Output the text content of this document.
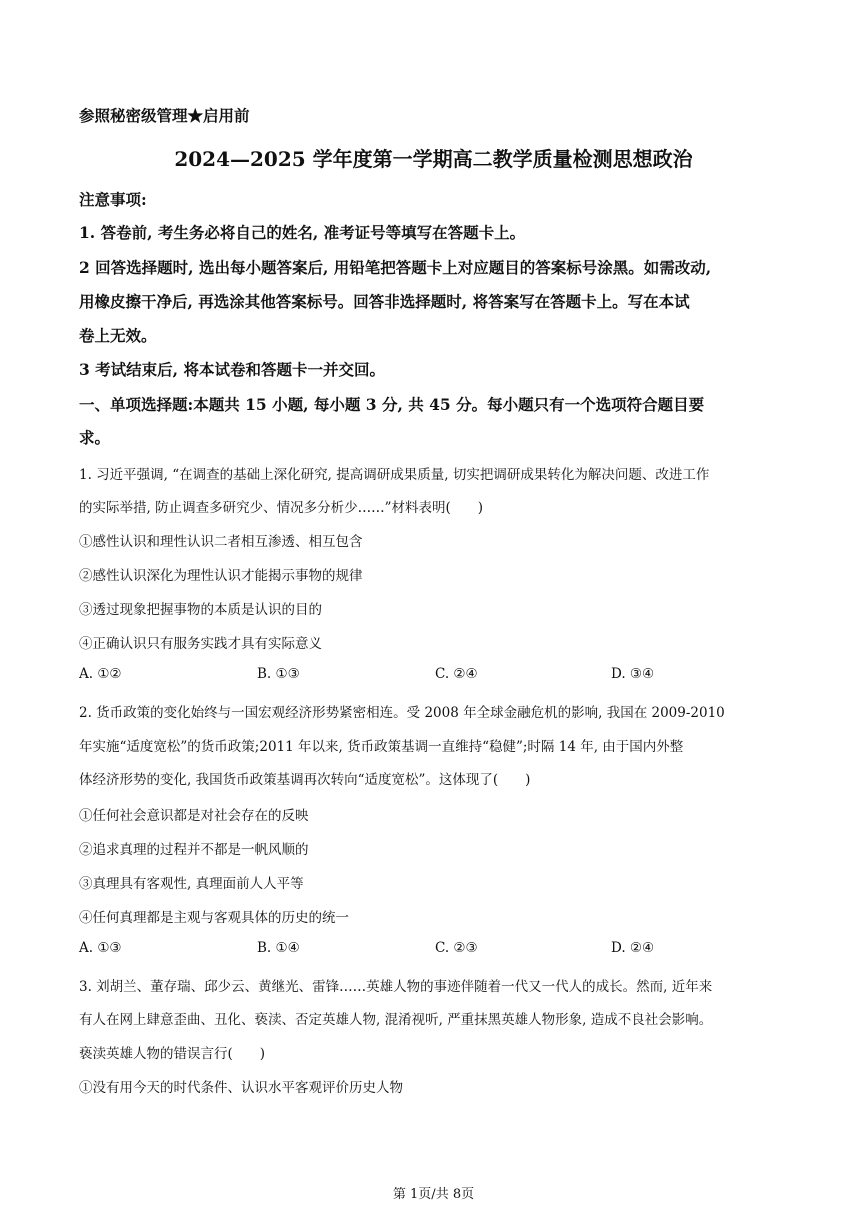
参照秘密级管理★启用前
2024—2025 学年度第一学期高二教学质量检测思想政治
注意事项:
1. 答卷前, 考生务必将自己的姓名, 准考证号等填写在答题卡上。
2 回答选择题时, 选出每小题答案后, 用铅笔把答题卡上对应题目的答案标号涂黑。如需改动,
用橡皮擦干净后, 再选涂其他答案标号。回答非选择题时, 将答案写在答题卡上。写在本试
卷上无效。
3 考试结束后, 将本试卷和答题卡一并交回。
一、单项选择题:本题共 15 小题, 每小题 3 分, 共 45 分。每小题只有一个选项符合题目要
求。
1. 习近平强调, “在调查的基础上深化研究, 提高调研成果质量, 切实把调研成果转化为解决问题、改进工作
的实际举措, 防止调查多研究少、情况多分析少……”材料表明(　　)
①感性认识和理性认识二者相互渗透、相互包含
②感性认识深化为理性认识才能揭示事物的规律
③透过现象把握事物的本质是认识的目的
④正确认识只有服务实践才具有实际意义
A. ①②	B. ①③	C. ②④	D. ③④
2. 货币政策的变化始终与一国宏观经济形势紧密相连。受 2008 年全球金融危机的影响, 我国在 2009-2010
年实施“适度宽松”的货币政策;2011 年以来, 货币政策基调一直维持“稳健”;时隔 14 年, 由于国内外整
体经济形势的变化, 我国货币政策基调再次转向“适度宽松”。这体现了(　　)
①任何社会意识都是对社会存在的反映
②追求真理的过程并不都是一帆风顺的
③真理具有客观性, 真理面前人人平等
④任何真理都是主观与客观具体的历史的统一
A. ①③	B. ①④	C. ②③	D. ②④
3. 刘胡兰、董存瑞、邱少云、黄继光、雷锋……英雄人物的事迹伴随着一代又一代人的成长。然而, 近年来
有人在网上肆意歪曲、丑化、亵渎、否定英雄人物, 混淆视听, 严重抹黑英雄人物形象, 造成不良社会影响。
亵渎英雄人物的错误言行(　　)
①没有用今天的时代条件、认识水平客观评价历史人物
第 1页/共 8页
